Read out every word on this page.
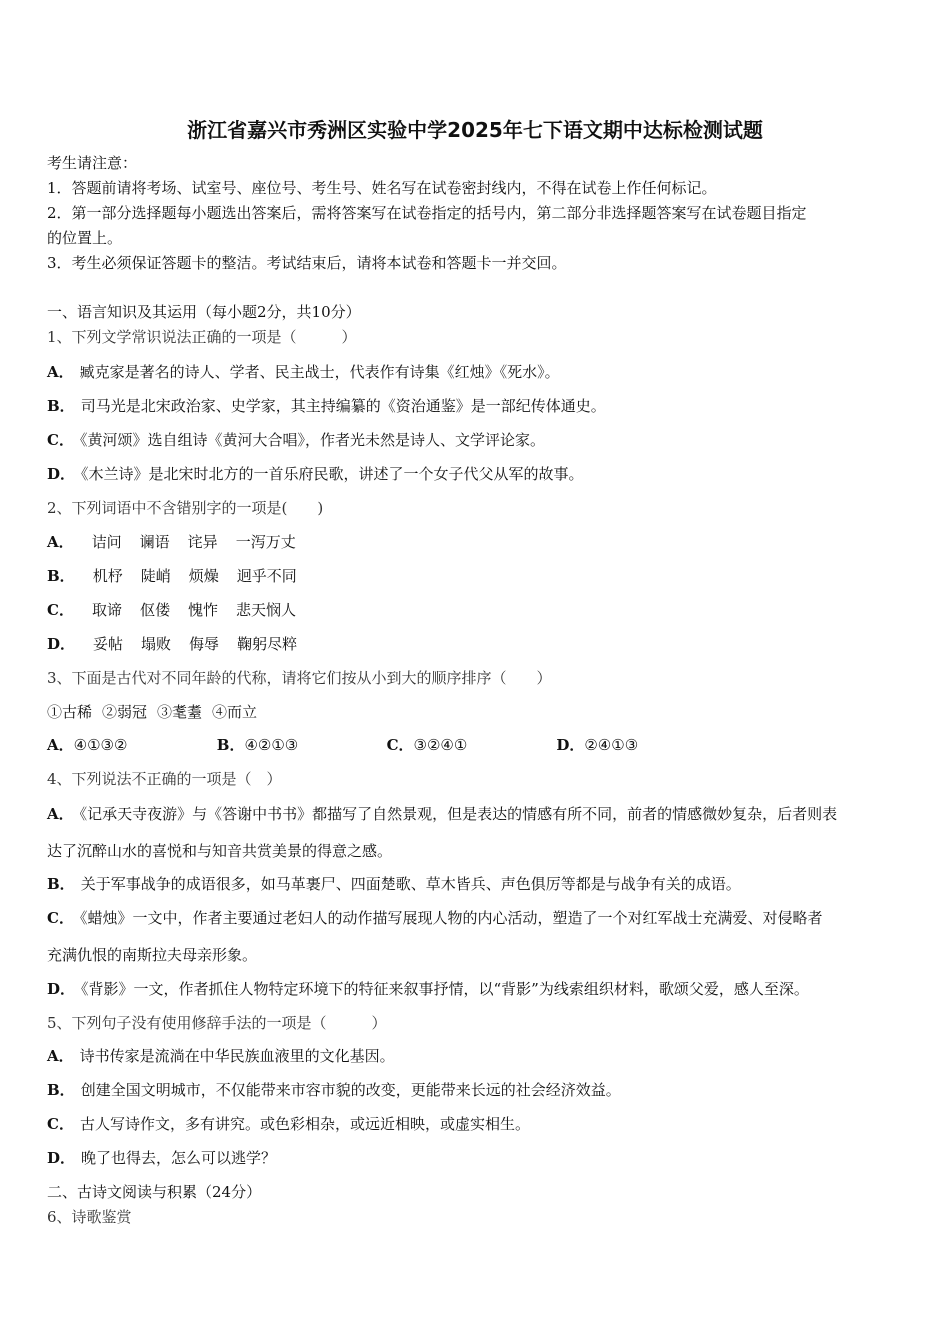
浙江省嘉兴市秀洲区实验中学2025年七下语文期中达标检测试题
考生请注意：
1．答题前请将考场、试室号、座位号、考生号、姓名写在试卷密封线内，不得在试卷上作任何标记。
2．第一部分选择题每小题选出答案后，需将答案写在试卷指定的括号内，第二部分非选择题答案写在试卷题目指定
的位置上。
3．考生必须保证答题卡的整洁。考试结束后，请将本试卷和答题卡一并交回。
一、语言知识及其运用（每小题2分，共10分）
1、下列文学常识说法正确的一项是（　　　）
A． 臧克家是著名的诗人、学者、民主战士，代表作有诗集《红烛》《死水》。
B． 司马光是北宋政治家、史学家，其主持编纂的《资治通鉴》是一部纪传体通史。
C． 《黄河颂》选自组诗《黄河大合唱》，作者光未然是诗人、文学评论家。
D． 《木兰诗》是北宋时北方的一首乐府民歌，讲述了一个女子代父从军的故事。
2、下列词语中不含错别字的一项是(　　)
A． 诘问 谰语 诧异 一泻万丈
B． 机杼 陡峭 烦燥 迥乎不同
C． 取谛 伛偻 愧怍 悲天悯人
D． 妥帖 塌败 侮辱 鞠躬尽粹
3、下面是古代对不同年龄的代称，请将它们按从小到大的顺序排序（　　）
①古稀 ②弱冠 ③耄耋 ④而立
A．④①③②	B．④②①③	C．③②④①	D．②④①③
4、下列说法不正确的一项是（　）
A． 《记承天寺夜游》与《答谢中书书》都描写了自然景观，但是表达的情感有所不同，前者的情感微妙复杂，后者则表
达了沉醉山水的喜悦和与知音共赏美景的得意之感。
B． 关于军事战争的成语很多，如马革裹尸、四面楚歌、草木皆兵、声色俱厉等都是与战争有关的成语。
C． 《蜡烛》一文中，作者主要通过老妇人的动作描写展现人物的内心活动，塑造了一个对红军战士充满爱、对侵略者
充满仇恨的南斯拉夫母亲形象。
D． 《背影》一文，作者抓住人物特定环境下的特征来叙事抒情，以“背影”为线索组织材料，歌颂父爱，感人至深。
5、下列句子没有使用修辞手法的一项是（　　　）
A． 诗书传家是流淌在中华民族血液里的文化基因。
B． 创建全国文明城市，不仅能带来市容市貌的改变，更能带来长远的社会经济效益。
C． 古人写诗作文，多有讲究。或色彩相杂，或远近相映，或虚实相生。
D． 晚了也得去，怎么可以逃学？
二、古诗文阅读与积累（24分）
6、诗歌鉴赏
